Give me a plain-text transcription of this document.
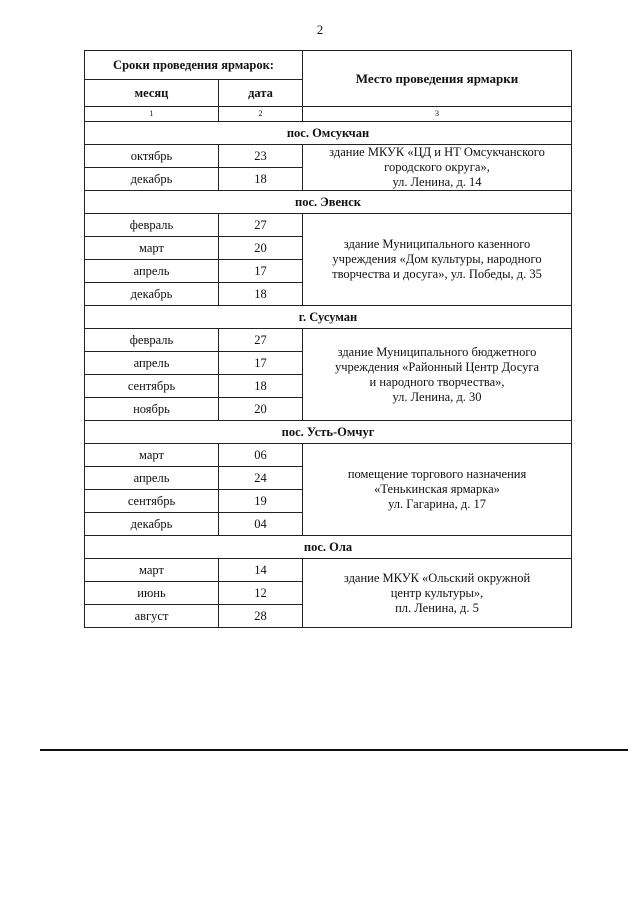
2
Сроки проведения ярмарок:		Место проведения ярмарки
месяц	дата	
1	2	3
пос. Омсукчан		
октябрь	23	здание МКУК «ЦД и НТ Омсукчанского
городского округа»,
ул. Ленина, д. 14

декабрь	18	
пос. Эвенск		
февраль	27	здание Муниципального казенного
учреждения «Дом культуры, народного
творчества и досуга», ул. Победы, д. 35

март	20	
апрель	17	
декабрь	18	
г. Сусуман		
февраль	27	здание Муниципального бюджетного
учреждения «Районный Центр Досуга
и народного творчества»,
ул. Ленина, д. 30

апрель	17	
сентябрь	18	
ноябрь	20	
пос. Усть-Омчуг		
март	06	помещение торгового назначения
«Тенькинская ярмарка»
ул. Гагарина, д. 17

апрель	24	
сентябрь	19	
декабрь	04	
пос. Ола		
март	14	здание МКУК «Ольский окружной
центр культуры»,
пл. Ленина, д. 5

июнь	12	
август	28	
